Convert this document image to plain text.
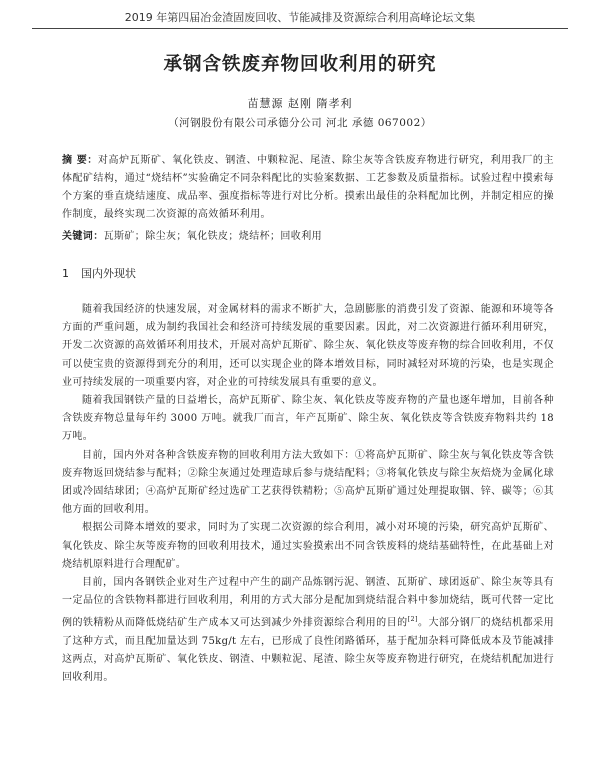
2019 年第四届冶金渣固废回收、节能减排及资源综合利用高峰论坛文集
承钢含铁废弃物回收利用的研究
苗慧源 赵刚 隋孝利
（河钢股份有限公司承德分公司 河北 承德 067002）
摘 要：对高炉瓦斯矿、氧化铁皮、钢渣、中颗粒泥、尾渣、除尘灰等含铁废弃物进行研究，利用我厂的主体配矿结构，通过“烧结杯”实验确定不同杂料配比的实验案数据、工艺参数及质量指标。试验过程中摸索每个方案的垂直烧结速度、成品率、强度指标等进行对比分析。摸索出最佳的杂料配加比例，并制定相应的操作制度，最终实现二次资源的高效循环利用。
关键词：瓦斯矿；除尘灰；氧化铁皮；烧结杯；回收利用
1 国内外现状

随着我国经济的快速发展，对金属材料的需求不断扩大，急剧膨胀的消费引发了资源、能源和环境等各方面的严重问题，成为制约我国社会和经济可持续发展的重要因素。因此，对二次资源进行循环利用研究，开发二次资源的高效循环利用技术，开展对高炉瓦斯矿、除尘灰、氧化铁皮等废弃物的综合回收利用，不仅可以使宝贵的资源得到充分的利用，还可以实现企业的降本增效目标，同时减轻对环境的污染，也是实现企业可持续发展的一项重要内容，对企业的可持续发展具有重要的意义。

随着我国钢铁产量的日益增长，高炉瓦斯矿、除尘灰、氧化铁皮等废弃物的产量也逐年增加，目前各种含铁废弃物总量每年约 3000 万吨。就我厂而言，年产瓦斯矿、除尘灰、氧化铁皮等含铁废弃物料共约 18 万吨。

目前，国内外对各种含铁废弃物的回收利用方法大致如下：①将高炉瓦斯矿、除尘灰与氧化铁皮等含铁废弃物返回烧结参与配料；②除尘灰通过处理造球后参与烧结配料；③将氧化铁皮与除尘灰焙烧为金属化球团或冷固结球团；④高炉瓦斯矿经过选矿工艺获得铁精粉；⑤高炉瓦斯矿通过处理提取铟、锌、碳等；⑥其他方面的回收利用。

根据公司降本增效的要求，同时为了实现二次资源的综合利用，减小对环境的污染，研究高炉瓦斯矿、氧化铁皮、除尘灰等废弃物的回收利用技术，通过实验摸索出不同含铁废料的烧结基础特性，在此基础上对烧结机原料进行合理配矿。

目前，国内各钢铁企业对生产过程中产生的副产品炼钢污泥、钢渣、瓦斯矿、球团返矿、除尘灰等具有一定品位的含铁物料都进行回收利用，利用的方式大部分是配加到烧结混合料中参加烧结，既可代替一定比例的铁精粉从而降低烧结矿生产成本又可达到减少外排资源综合利用的目的[2]。大部分钢厂的烧结机都采用了这种方式，而且配加量达到 75kg/t 左右，已形成了良性闭路循环，基于配加杂料可降低成本及节能减排这两点，对高炉瓦斯矿、氧化铁皮、钢渣、中颗粒泥、尾渣、除尘灰等废弃物进行研究，在烧结机配加进行回收利用。
